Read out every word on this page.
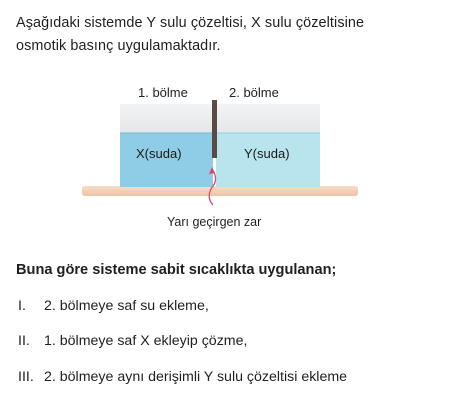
Aşağıdaki sistemde Y sulu çözeltisi, X sulu çözeltisine
osmotik basınç uygulamaktadır.
1. bölme	2. bölme
X(suda)	Y(suda)
Yarı geçirgen zar
Buna göre sisteme sabit sıcaklıkta uygulanan;
I. 2. bölmeye saf su ekleme,
II. 1. bölmeye saf X ekleyip çözme,
III. 2. bölmeye aynı derişimli Y sulu çözeltisi ekleme
